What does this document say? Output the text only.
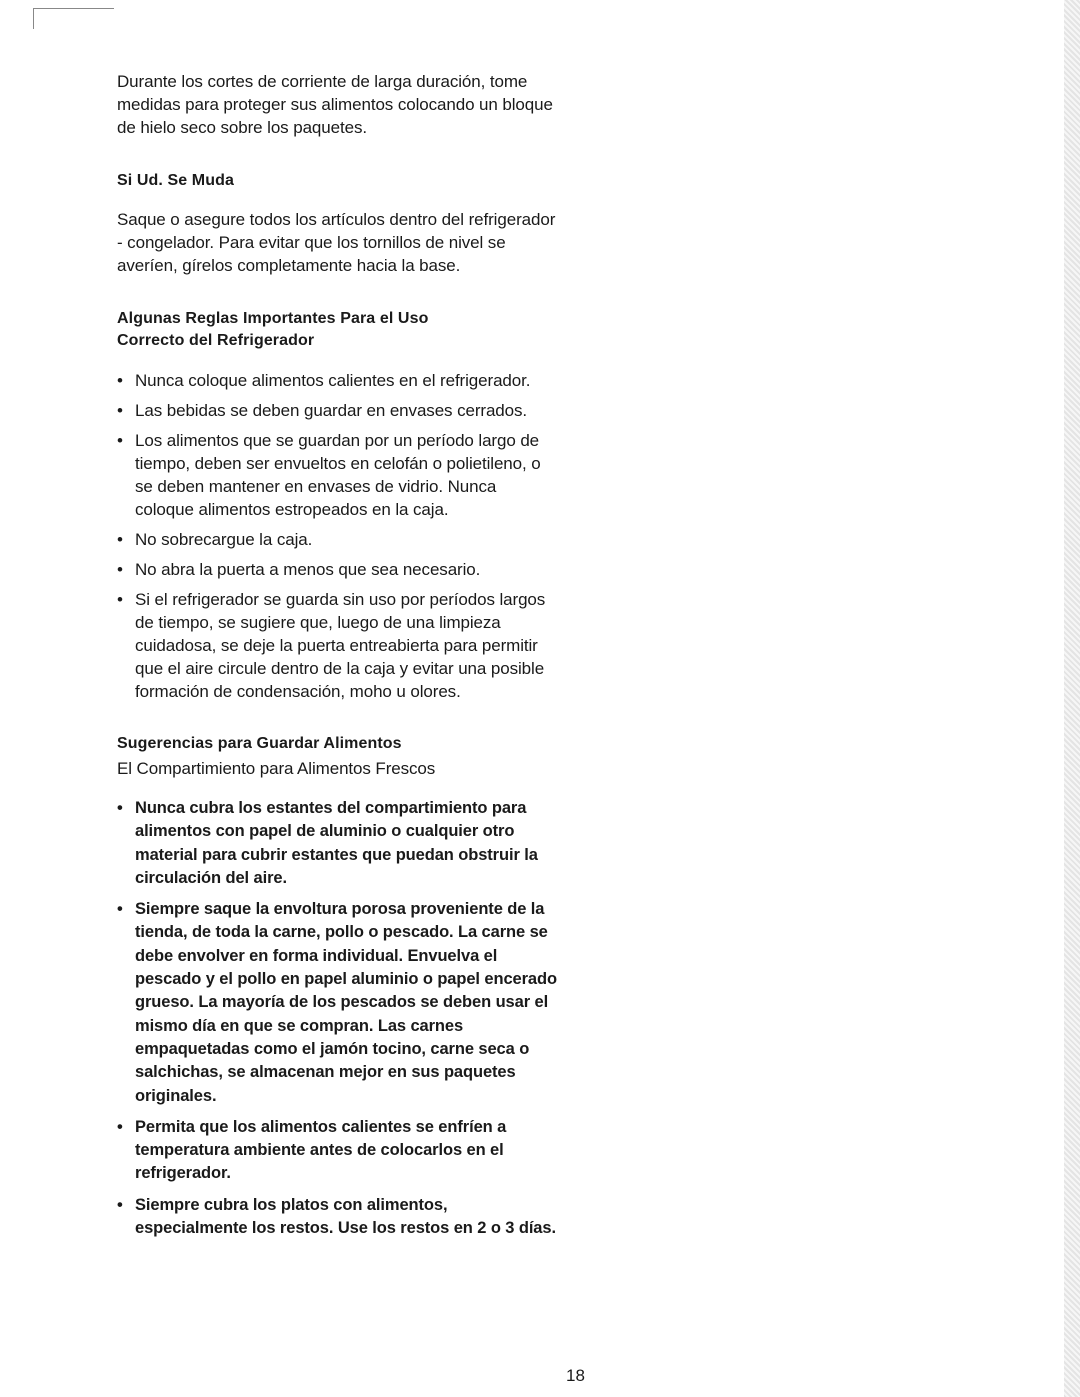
Durante los cortes de corriente de larga duración, tome medidas para proteger sus alimentos colocando un bloque de hielo seco sobre los paquetes.

Si Ud. Se Muda

Saque o asegure todos los artículos dentro del refrigerador - congelador. Para evitar que los tornillos de nivel se averíen, gírelos completamente hacia la base.

Algunas Reglas Importantes Para el Uso
Correcto del Refrigerador
• Nunca coloque alimentos calientes en el refrigerador.
• Las bebidas se deben guardar en envases cerrados.
• Los alimentos que se guardan por un período largo de tiempo, deben ser envueltos en celofán o polietileno, o se deben mantener en envases de vidrio. Nunca coloque alimentos estropeados en la caja.
• No sobrecargue la caja.
• No abra la puerta a menos que sea necesario.
• Si el refrigerador se guarda sin uso por períodos largos de tiempo, se sugiere que, luego de una limpieza cuidadosa, se deje la puerta entreabierta para permitir que el aire circule dentro de la caja y evitar una posible formación de condensación, moho u olores.
Sugerencias para Guardar Alimentos

El Compartimiento para Alimentos Frescos

• Nunca cubra los estantes del compartimiento para alimentos con papel de aluminio o cualquier otro material para cubrir estantes que puedan obstruir la circulación del aire.
• Siempre saque la envoltura porosa proveniente de la tienda, de toda la carne, pollo o pescado. La carne se debe envolver en forma individual. Envuelva el pescado y el pollo en papel aluminio o papel encerado grueso. La mayoría de los pescados se deben usar el mismo día en que se compran. Las carnes empaquetadas como el jamón tocino, carne seca o salchichas, se almacenan mejor en sus paquetes originales.
• Permita que los alimentos calientes se enfríen a temperatura ambiente antes de colocarlos en el refrigerador.
• Siempre cubra los platos con alimentos, especialmente los restos. Use los restos en 2 o 3 días.
18
